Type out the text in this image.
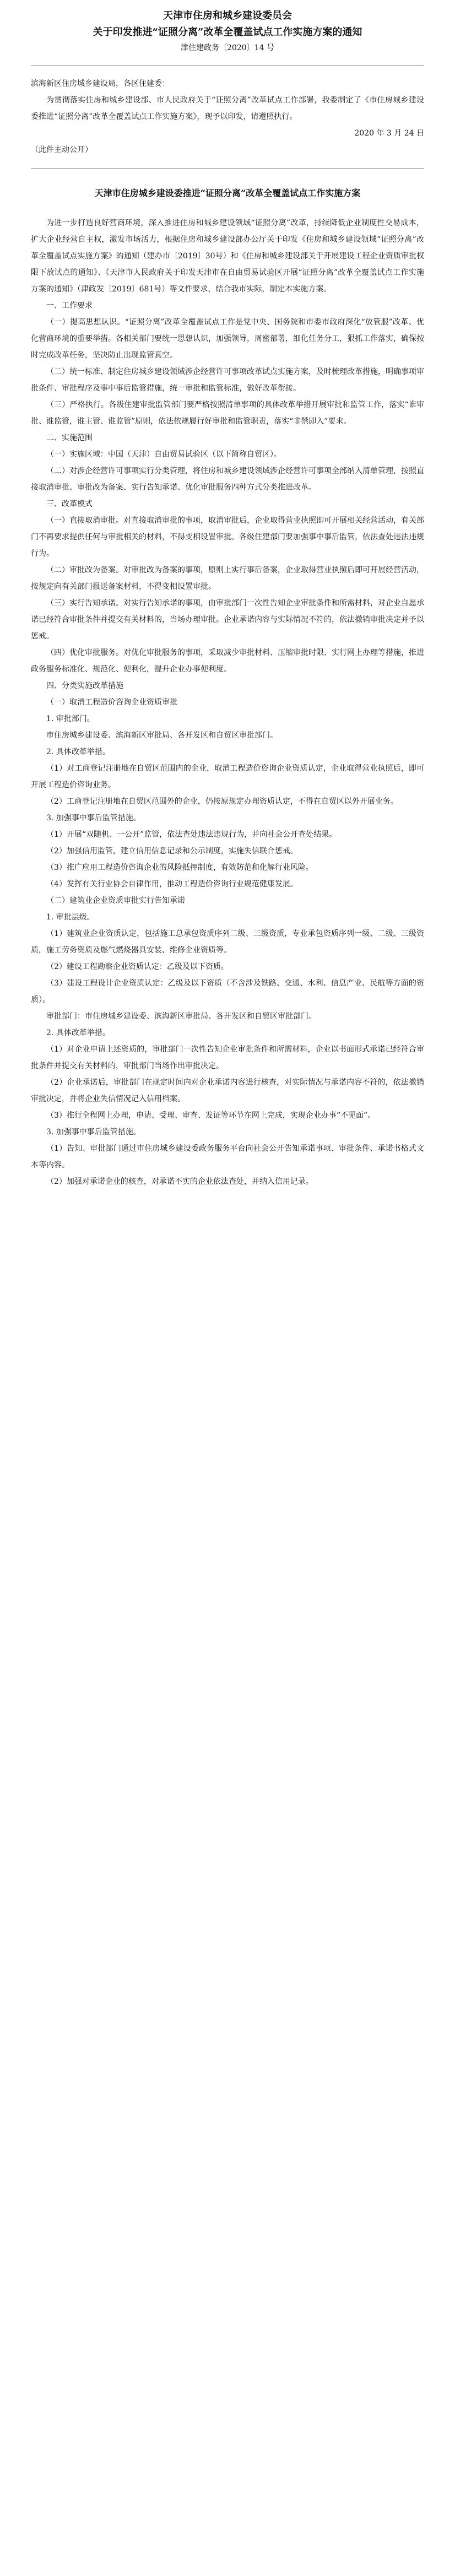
天津市住房和城乡建设委员会
关于印发推进“证照分离”改革全覆盖试点工作实施方案的通知
津住建政务〔2020〕14 号

滨海新区住房城乡建设局，各区住建委：

为贯彻落实住房和城乡建设部、市人民政府关于“证照分离”改革试点工作部署，我委制定了《市住房城乡建设委推进“证照分离”改革全覆盖试点工作实施方案》，现予以印发，请遵照执行。

2020 年 3 月 24 日

（此件主动公开）

天津市住房城乡建设委推进“证照分离”改革全覆盖试点工作实施方案

为进一步打造良好营商环境，深入推进住房和城乡建设领域“证照分离”改革，持续降低企业制度性交易成本，扩大企业经营自主权，激发市场活力，根据住房和城乡建设部办公厅关于印发《住房和城乡建设领域“证照分离”改革全覆盖试点实施方案》的通知（建办市〔2019〕30号）和《住房和城乡建设部关于开展建设工程企业资质审批权限下放试点的通知》、《天津市人民政府关于印发天津市在自由贸易试验区开展“证照分离”改革全覆盖试点工作实施方案的通知》（津政发〔2019〕681号）等文件要求，结合我市实际，制定本实施方案。

一、工作要求

（一）提高思想认识。“证照分离”改革全覆盖试点工作是党中央、国务院和市委市政府深化“放管服”改革、优化营商环境的重要举措。各相关部门要统一思想认识，加强领导，周密部署，细化任务分工，狠抓工作落实，确保按时完成改革任务，坚决防止出现监管真空。

（二）统一标准、制定住房城乡建设领域涉企经营许可事项改革试点实施方案，及时梳理改革措施，明确事项审批条件、审批程序及事中事后监管措施，统一审批和监管标准，做好改革衔接。

（三）严格执行。各级住建审批监管部门要严格按照清单事项的具体改革举措开展审批和监管工作，落实“谁审批、谁监管，谁主管、谁监管”原则，依法依规履行好审批和监管职责，落实“非禁即入”要求。

二、实施范围

（一）实施区域：中国（天津）自由贸易试验区（以下简称自贸区）。

（二）对涉企经营许可事项实行分类管理，将住房和城乡建设领域涉企经营许可事项全部纳入清单管理，按照直接取消审批、审批改为备案、实行告知承诺、优化审批服务四种方式分类推进改革。

三、改革模式

（一）直接取消审批。对直接取消审批的事项，取消审批后，企业取得营业执照即可开展相关经营活动，有关部门不再要求提供任何与审批相关的材料，不得变相设置审批。各级住建部门要加强事中事后监管，依法查处违法违规行为。

（二）审批改为备案。对审批改为备案的事项，原则上实行事后备案，企业取得营业执照后即可开展经营活动，按规定向有关部门报送备案材料，不得变相设置审批。

（三）实行告知承诺。对实行告知承诺的事项，由审批部门一次性告知企业审批条件和所需材料，对企业自愿承诺已经符合审批条件并提交有关材料的，当场办理审批。企业承诺内容与实际情况不符的，依法撤销审批决定并予以惩戒。

（四）优化审批服务。对优化审批服务的事项，采取减少审批材料、压缩审批时限、实行网上办理等措施，推进政务服务标准化、规范化、便利化，提升企业办事便利度。

四、分类实施改革措施

（一）取消工程造价咨询企业资质审批

1. 审批部门。

市住房城乡建设委、滨海新区审批局、各开发区和自贸区审批部门。

2. 具体改革举措。

（1）对工商登记注册地在自贸区范围内的企业，取消工程造价咨询企业资质认定，企业取得营业执照后，即可开展工程造价咨询业务。

（2）工商登记注册地在自贸区范围外的企业，仍按原规定办理资质认定，不得在自贸区以外开展业务。

3. 加强事中事后监管措施。

（1）开展“双随机、一公开”监管，依法查处违法违规行为，并向社会公开查处结果。

（2）加强信用监管，建立信用信息记录和公示制度，实施失信联合惩戒。

（3）推广应用工程造价咨询企业的风险抵押制度，有效防范和化解行业风险。

（4）发挥有关行业协会自律作用，推动工程造价咨询行业规范健康发展。

（二）建筑业企业资质审批实行告知承诺

1. 审批层级。

（1）建筑业企业资质认定，包括施工总承包资质序列二级、三级资质，专业承包资质序列一级、二级、三级资质，施工劳务资质及燃气燃烧器具安装、维修企业资质等。

（2）建设工程勘察企业资质认定：乙级及以下资质。

（3）建设工程设计企业资质认定：乙级及以下资质（不含涉及铁路、交通、水利、信息产业、民航等方面的资质）。

审批部门：市住房城乡建设委、滨海新区审批局、各开发区和自贸区审批部门。

2. 具体改革举措。

（1）对企业申请上述资质的，审批部门一次性告知企业审批条件和所需材料，企业以书面形式承诺已经符合审批条件并提交有关材料的，审批部门当场作出审批决定。

（2）企业承诺后，审批部门在规定时间内对企业承诺内容进行核查，对实际情况与承诺内容不符的，依法撤销审批决定，并将企业失信情况记入信用档案。

（3）推行全程网上办理，申请、受理、审查、发证等环节在网上完成，实现企业办事“不见面”。

3. 加强事中事后监管措施。

（1）告知、审批部门通过市住房城乡建设委政务服务平台向社会公开告知承诺事项、审批条件、承诺书格式文本等内容。

（2）加强对承诺企业的核查，对承诺不实的企业依法查处，并纳入信用记录。
